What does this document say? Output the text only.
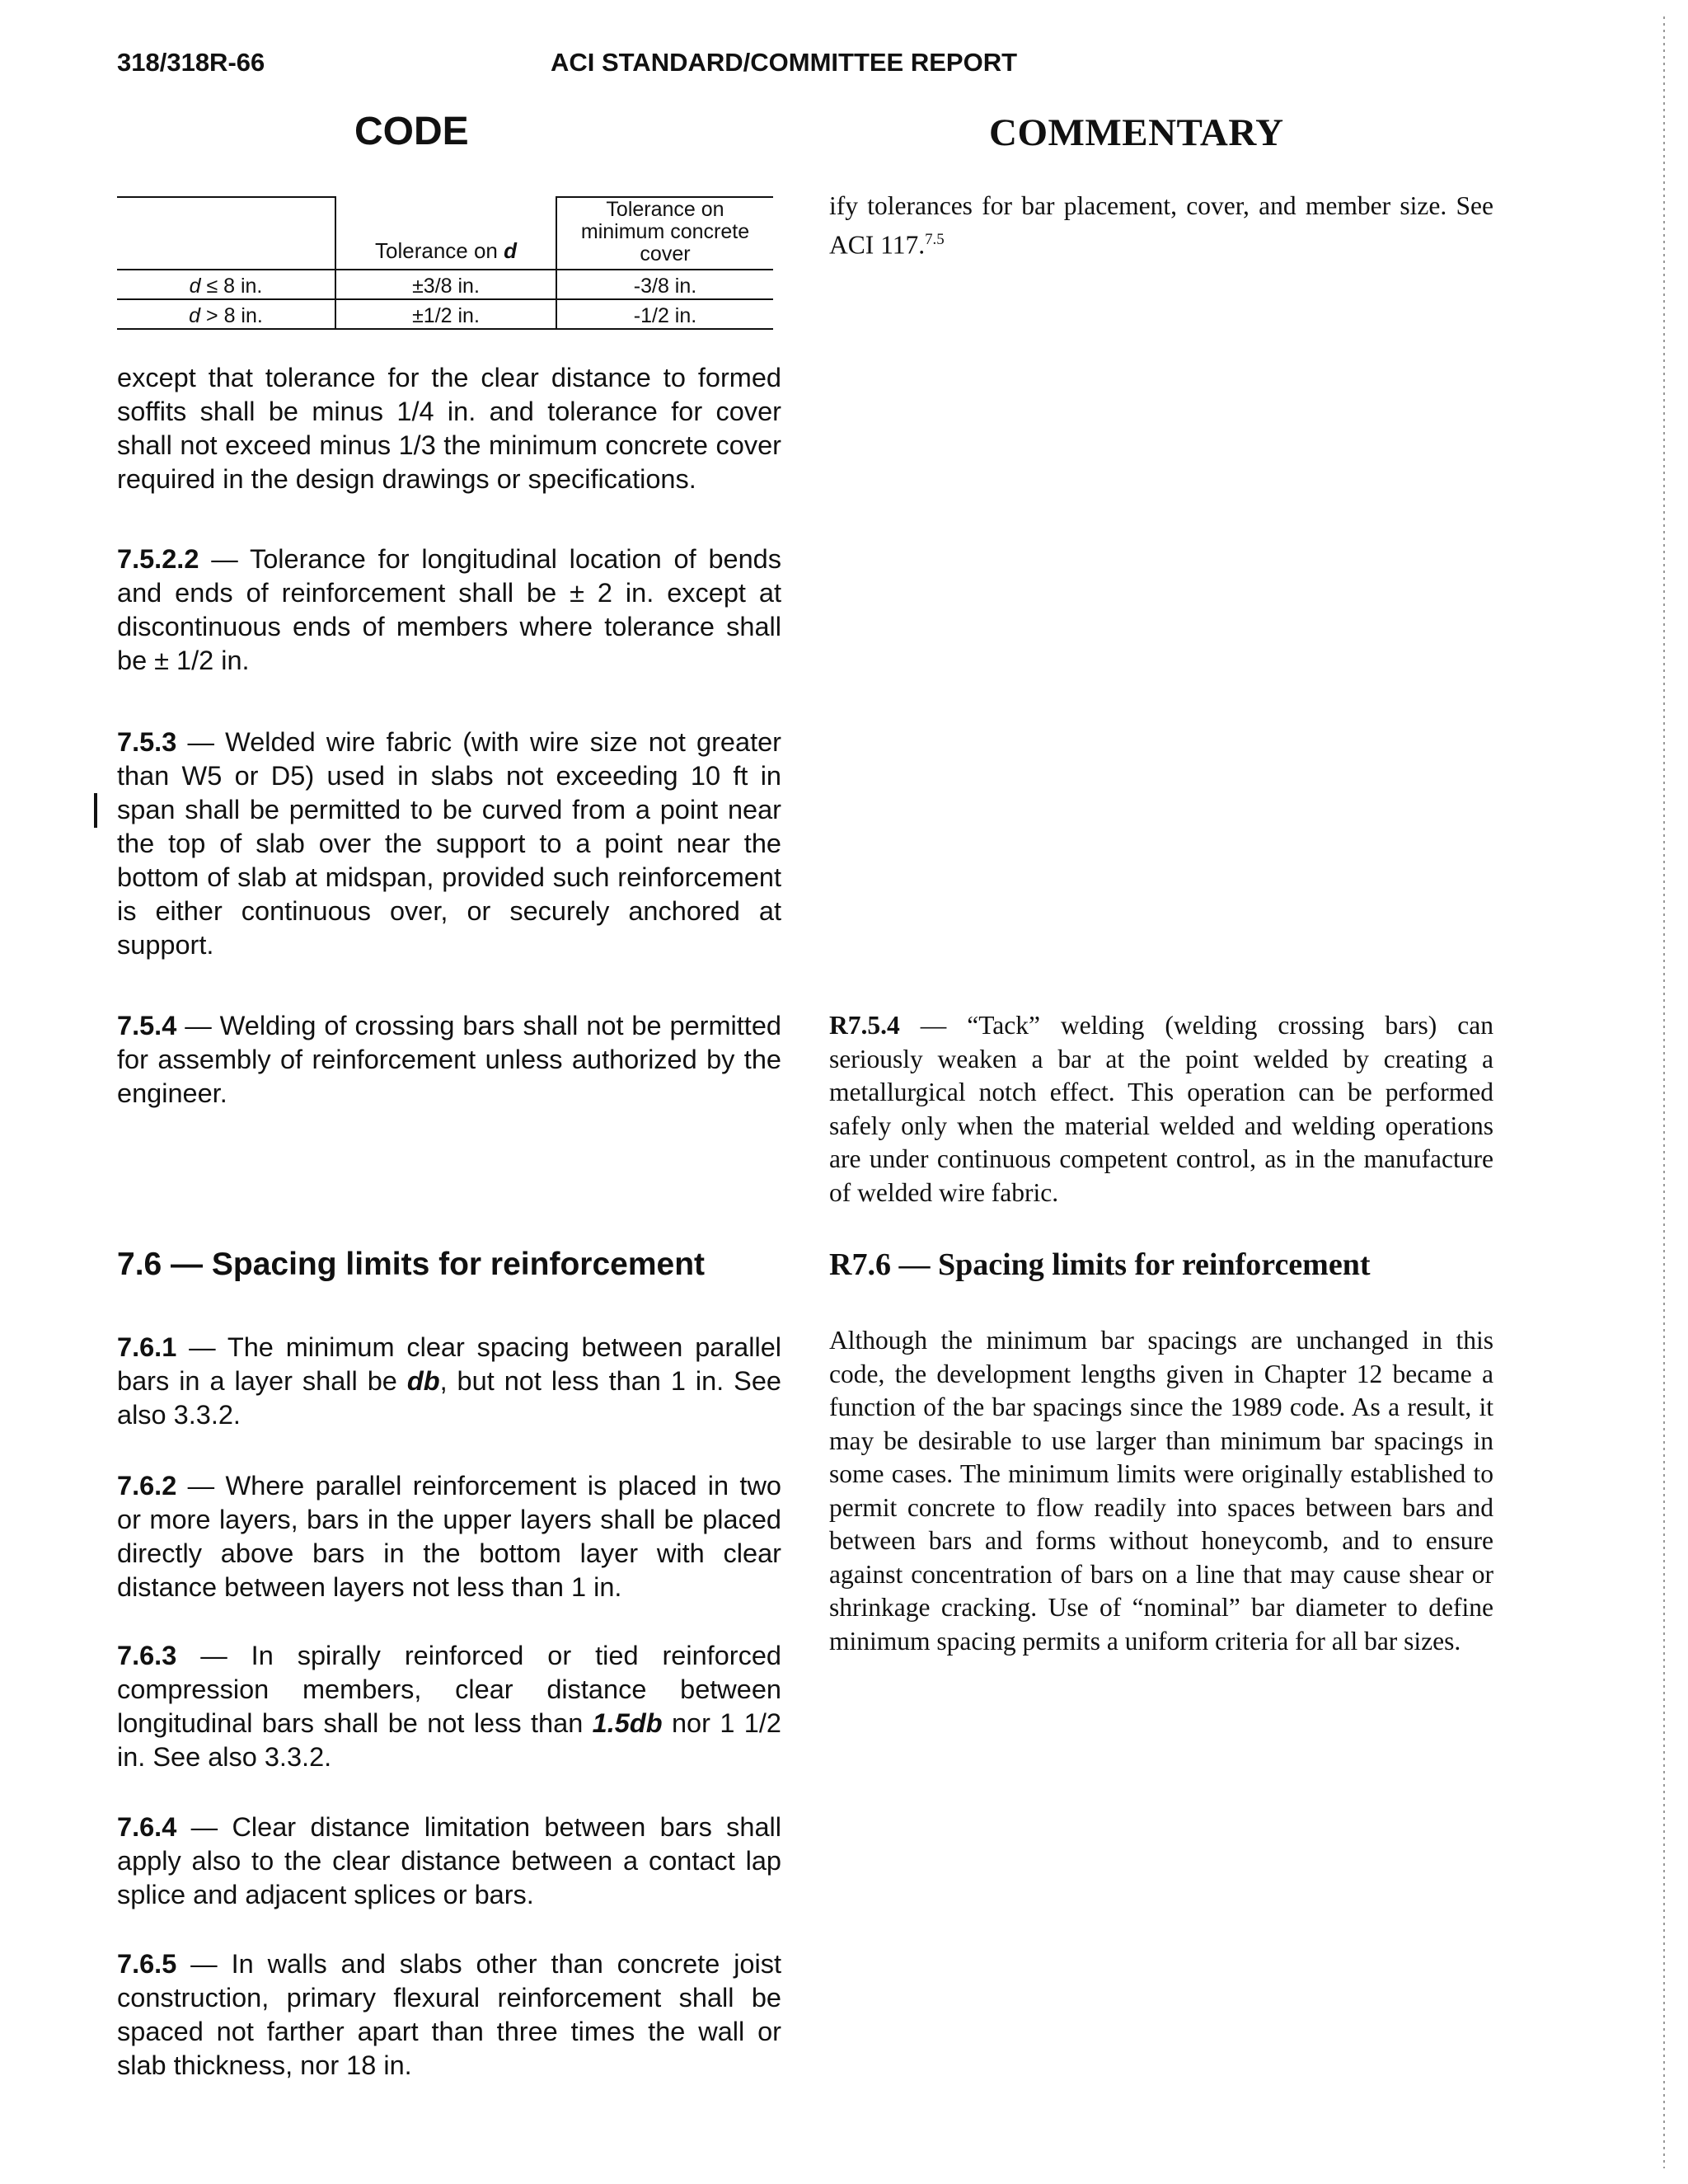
318/318R-66	ACI STANDARD/COMMITTEE REPORT
CODE	COMMENTARY
	Tolerance on d	Tolerance on
minimum concrete
cover

d ≤ 8 in.	±3/8 in.	-3/8 in.
d > 8 in.	±1/2 in.	-1/2 in.

except that tolerance for the clear distance to formed soffits shall be minus 1/4 in. and tolerance for cover shall not exceed minus 1/3 the minimum concrete cover required in the design drawings or specifications.

7.5.2.2 — Tolerance for longitudinal location of bends and ends of reinforcement shall be ± 2 in. except at discontinuous ends of members where tolerance shall be ± 1/2 in.

7.5.3 — Welded wire fabric (with wire size not greater than W5 or D5) used in slabs not exceeding 10 ft in span shall be permitted to be curved from a point near the top of slab over the support to a point near the bottom of slab at midspan, provided such reinforcement is either continuous over, or securely anchored at support.

7.5.4 — Welding of crossing bars shall not be permitted for assembly of reinforcement unless authorized by the engineer.

7.6 — Spacing limits for reinforcement

7.6.1 — The minimum clear spacing between parallel bars in a layer shall be db, but not less than 1 in. See also 3.3.2.

7.6.2 — Where parallel reinforcement is placed in two or more layers, bars in the upper layers shall be placed directly above bars in the bottom layer with clear distance between layers not less than 1 in.

7.6.3 — In spirally reinforced or tied reinforced compression members, clear distance between longitudinal bars shall be not less than 1.5db nor 1 1/2 in. See also 3.3.2.

7.6.4 — Clear distance limitation between bars shall apply also to the clear distance between a contact lap splice and adjacent splices or bars.

7.6.5 — In walls and slabs other than concrete joist construction, primary flexural reinforcement shall be spaced not farther apart than three times the wall or slab thickness, nor 18 in.

ify tolerances for bar placement, cover, and member size. See ACI 117.$^{7.5}$

R7.5.4 — “Tack” welding (welding crossing bars) can seriously weaken a bar at the point welded by creating a metallurgical notch effect. This operation can be performed safely only when the material welded and welding operations are under continuous competent control, as in the manufacture of welded wire fabric.

R7.6 — Spacing limits for reinforcement

Although the minimum bar spacings are unchanged in this code, the development lengths given in Chapter 12 became a function of the bar spacings since the 1989 code. As a result, it may be desirable to use larger than minimum bar spacings in some cases. The minimum limits were originally established to permit concrete to flow readily into spaces between bars and between bars and forms without honeycomb, and to ensure against concentration of bars on a line that may cause shear or shrinkage cracking. Use of “nominal” bar diameter to define minimum spacing permits a uniform criteria for all bar sizes.
